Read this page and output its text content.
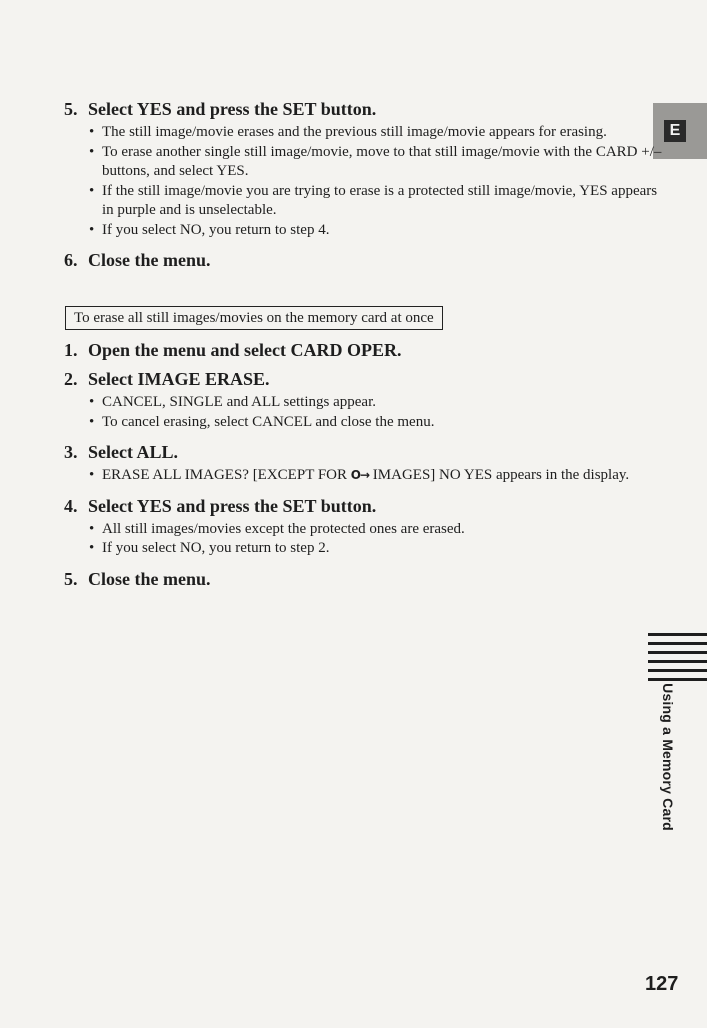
E
5. Select YES and press the SET button.
• The still image/movie erases and the previous still image/movie appears for erasing.
• To erase another single still image/movie, move to that still image/movie with the CARD +/– buttons, and select YES.
• If the still image/movie you are trying to erase is a protected still image/movie, YES appears in purple and is unselectable.
• If you select NO, you return to step 4.
6. Close the menu.
To erase all still images/movies on the memory card at once
1. Open the menu and select CARD OPER.
2. Select IMAGE ERASE.
• CANCEL, SINGLE and ALL settings appear.
• To cancel erasing, select CANCEL and close the menu.
3. Select ALL.
• ERASE ALL IMAGES? [EXCEPT FOR O→ IMAGES] NO YES appears in the display.
4. Select YES and press the SET button.
• All still images/movies except the protected ones are erased.
• If you select NO, you return to step 2.
5. Close the menu.
Using a Memory Card
127
